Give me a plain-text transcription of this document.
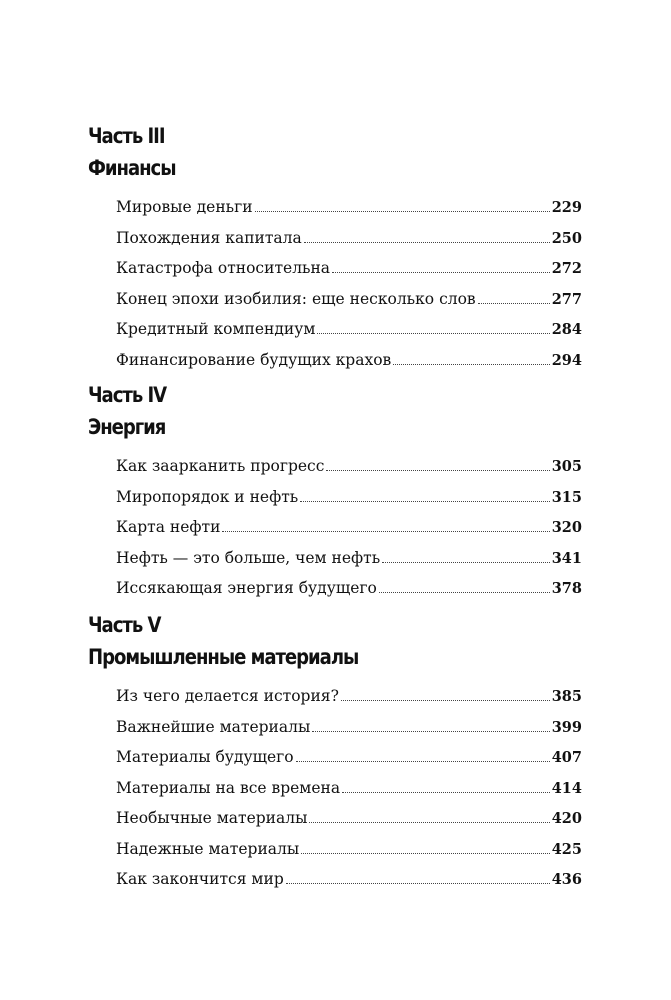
Часть III
Финансы
Мировые деньги	229
Похождения капитала	250
Катастрофа относительна	272
Конец эпохи изобилия: еще несколько слов	277
Кредитный компендиум	284
Финансирование будущих крахов	294
Часть IV
Энергия
Как заарканить прогресс	305
Миропорядок и нефть	315
Карта нефти	320
Нефть — это больше, чем нефть	341
Иссякающая энергия будущего	378
Часть V
Промышленные материалы
Из чего делается история?	385
Важнейшие материалы	399
Материалы будущего	407
Материалы на все времена	414
Необычные материалы	420
Надежные материалы	425
Как закончится мир	436
